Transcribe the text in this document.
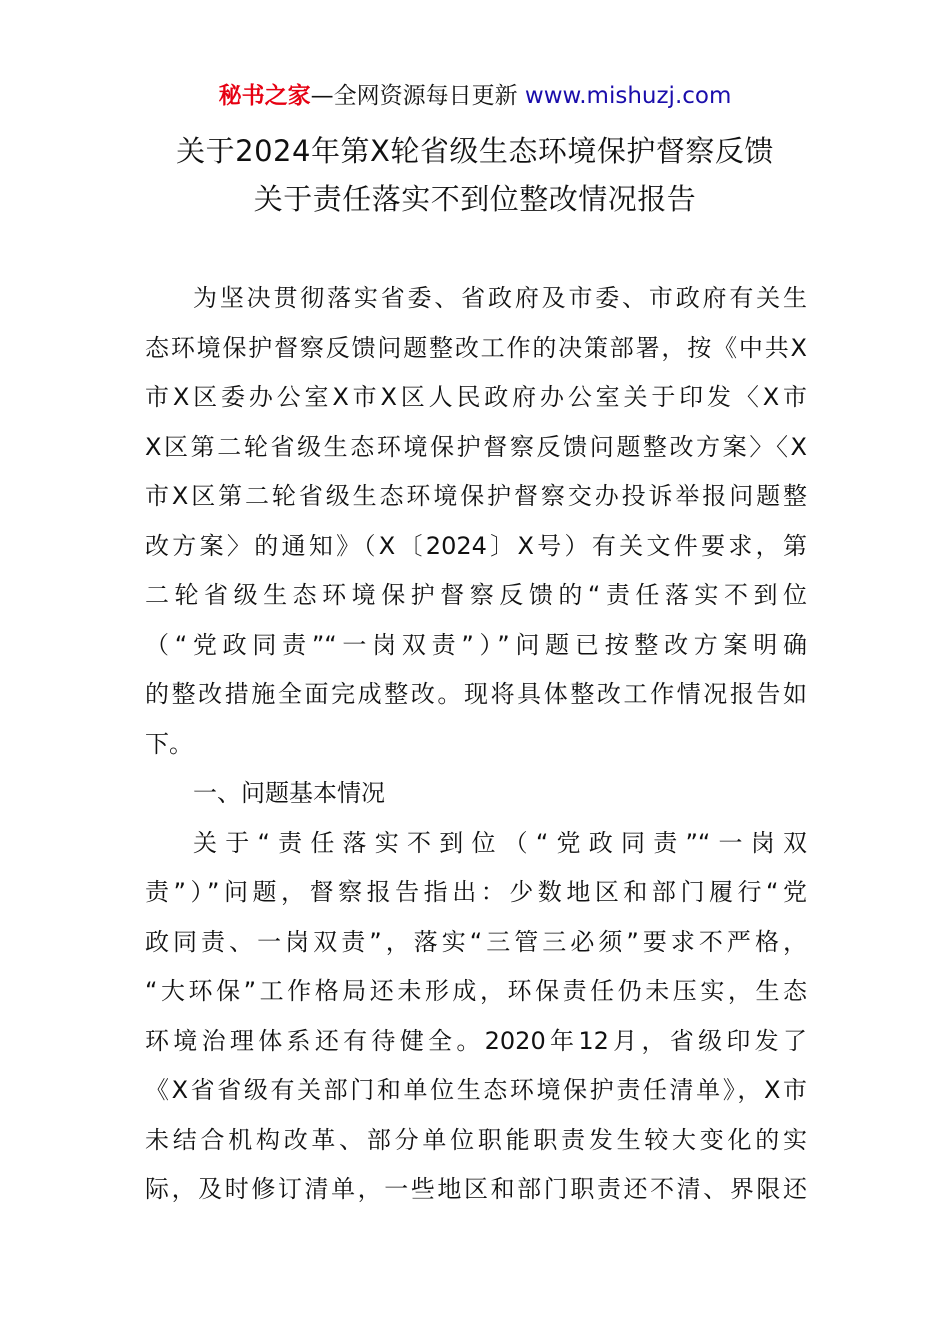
秘书之家—全网资源每日更新 www.mishuzj.com
关于2024年第X轮省级生态环境保护督察反馈
关于责任落实不到位整改情况报告
为坚决贯彻落实省委、省政府及市委、市政府有关生
态环境保护督察反馈问题整改工作的决策部署，按《中共X
市X区委办公室X市X区人民政府办公室关于印发〈X市
X区第二轮省级生态环境保护督察反馈问题整改方案〉〈X
市X区第二轮省级生态环境保护督察交办投诉举报问题整
改方案〉的通知》（X〔2024〕X号）有关文件要求，第
二轮省级生态环境保护督察反馈的“责任落实不到位
（“党政同责”“一岗双责”）”问题已按整改方案明确
的整改措施全面完成整改。现将具体整改工作情况报告如
下。
一、问题基本情况
关于“责任落实不到位（“党政同责”“一岗双
责”）”问题，督察报告指出：少数地区和部门履行“党
政同责、一岗双责”，落实“三管三必须”要求不严格，
“大环保”工作格局还未形成，环保责任仍未压实，生态
环境治理体系还有待健全。2020年12月，省级印发了
《X省省级有关部门和单位生态环境保护责任清单》，X市
未结合机构改革、部分单位职能职责发生较大变化的实
际，及时修订清单，一些地区和部门职责还不清、界限还
